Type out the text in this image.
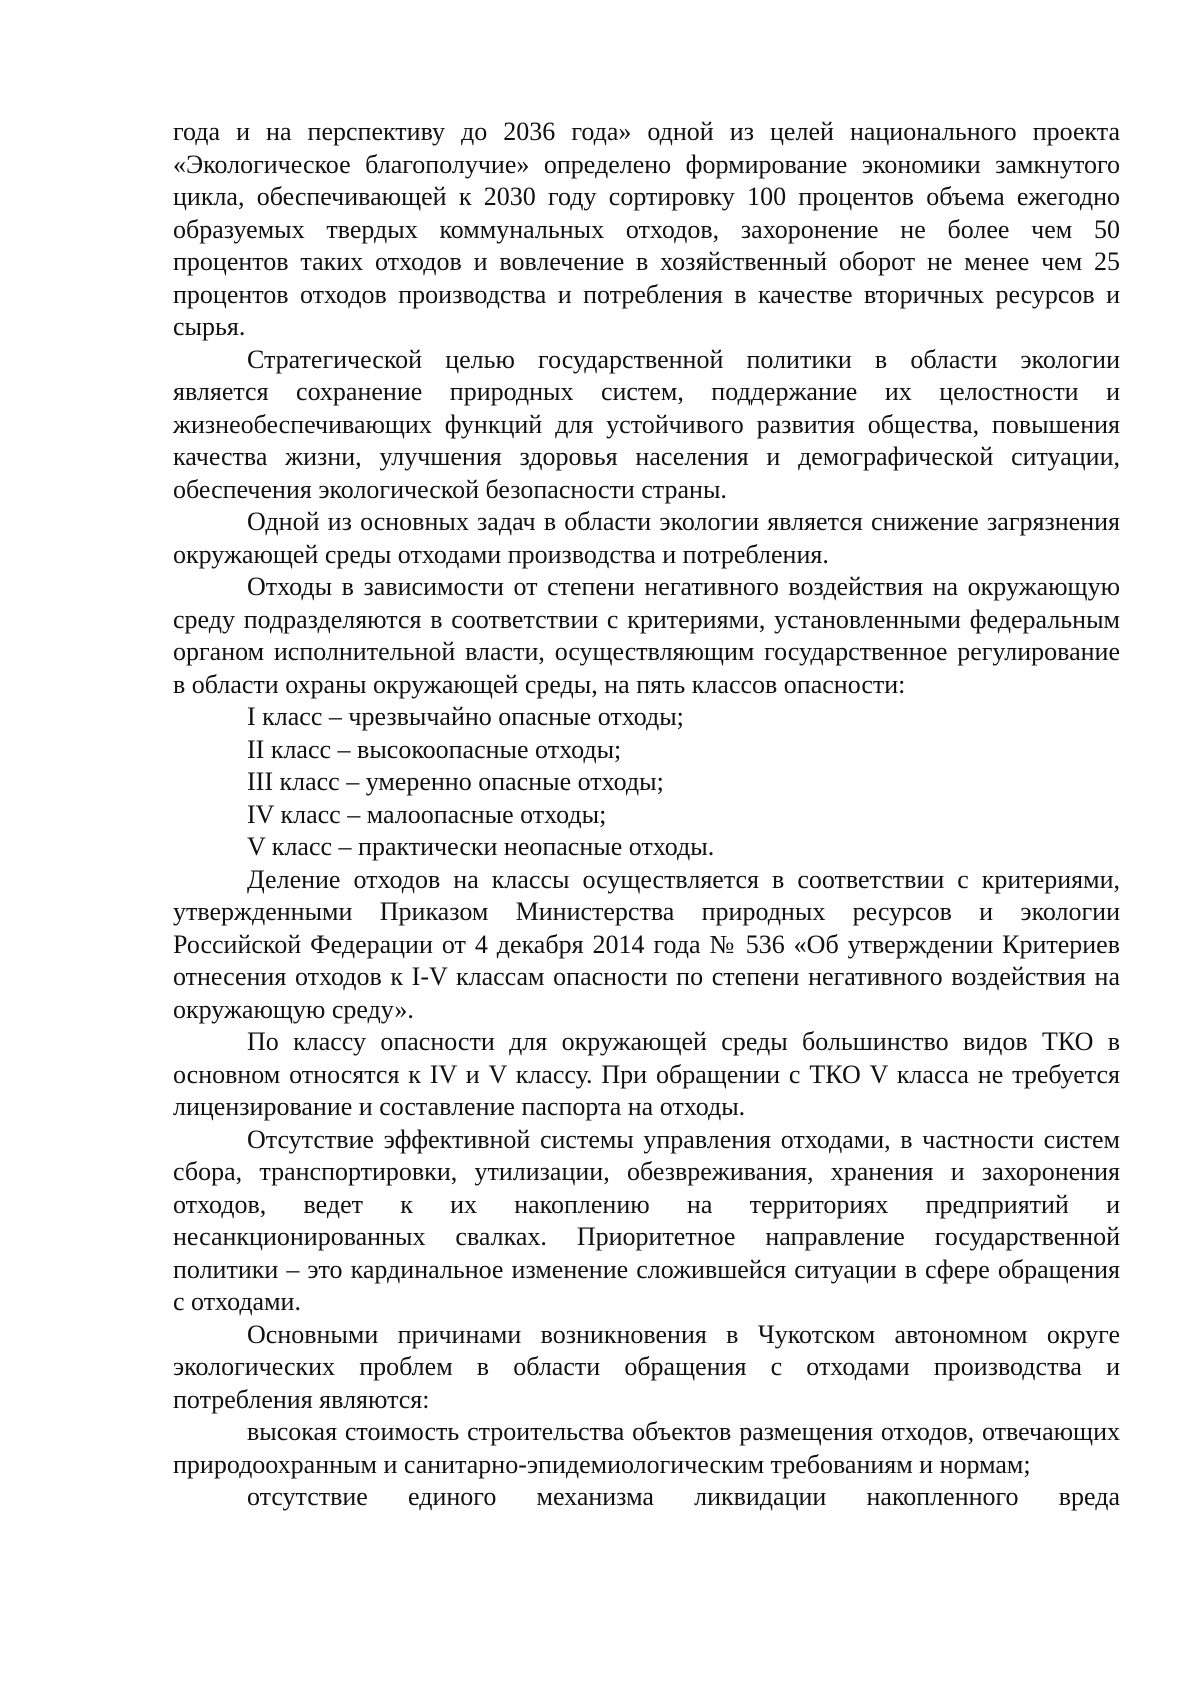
года и на перспективу до 2036 года» одной из целей национального проекта «Экологическое благополучие» определено формирование экономики замкнутого цикла, обеспечивающей к 2030 году сортировку 100 процентов объема ежегодно образуемых твердых коммунальных отходов, захоронение не более чем 50 процентов таких отходов и вовлечение в хозяйственный оборот не менее чем 25 процентов отходов производства и потребления в качестве вторичных ресурсов и сырья.

Стратегической целью государственной политики в области экологии является сохранение природных систем, поддержание их целостности и жизнеобеспечивающих функций для устойчивого развития общества, повышения качества жизни, улучшения здоровья населения и демографической ситуации, обеспечения экологической безопасности страны.

Одной из основных задач в области экологии является снижение загрязнения окружающей среды отходами производства и потребления.

Отходы в зависимости от степени негативного воздействия на окружающую среду подразделяются в соответствии с критериями, установленными федеральным органом исполнительной власти, осуществляющим государственное регулирование в области охраны окружающей среды, на пять классов опасности:

I класс – чрезвычайно опасные отходы;

II класс – высокоопасные отходы;

III класс – умеренно опасные отходы;

IV класс – малоопасные отходы;

V класс – практически неопасные отходы.

Деление отходов на классы осуществляется в соответствии с критериями, утвержденными Приказом Министерства природных ресурсов и экологии Российской Федерации от 4 декабря 2014 года № 536 «Об утверждении Критериев отнесения отходов к I-V классам опасности по степени негативного воздействия на окружающую среду».

По классу опасности для окружающей среды большинство видов ТКО в основном относятся к IV и V классу. При обращении с ТКО V класса не требуется лицензирование и составление паспорта на отходы.

Отсутствие эффективной системы управления отходами, в частности систем сбора, транспортировки, утилизации, обезвреживания, хранения и захоронения отходов, ведет к их накоплению на территориях предприятий и несанкционированных свалках. Приоритетное направление государственной политики – это кардинальное изменение сложившейся ситуации в сфере обращения с отходами.

Основными причинами возникновения в Чукотском автономном округе экологических проблем в области обращения с отходами производства и потребления являются:

высокая стоимость строительства объектов размещения отходов, отвечающих природоохранным и санитарно-эпидемиологическим требованиям и нормам;

отсутствие единого механизма ликвидации накопленного вреда
